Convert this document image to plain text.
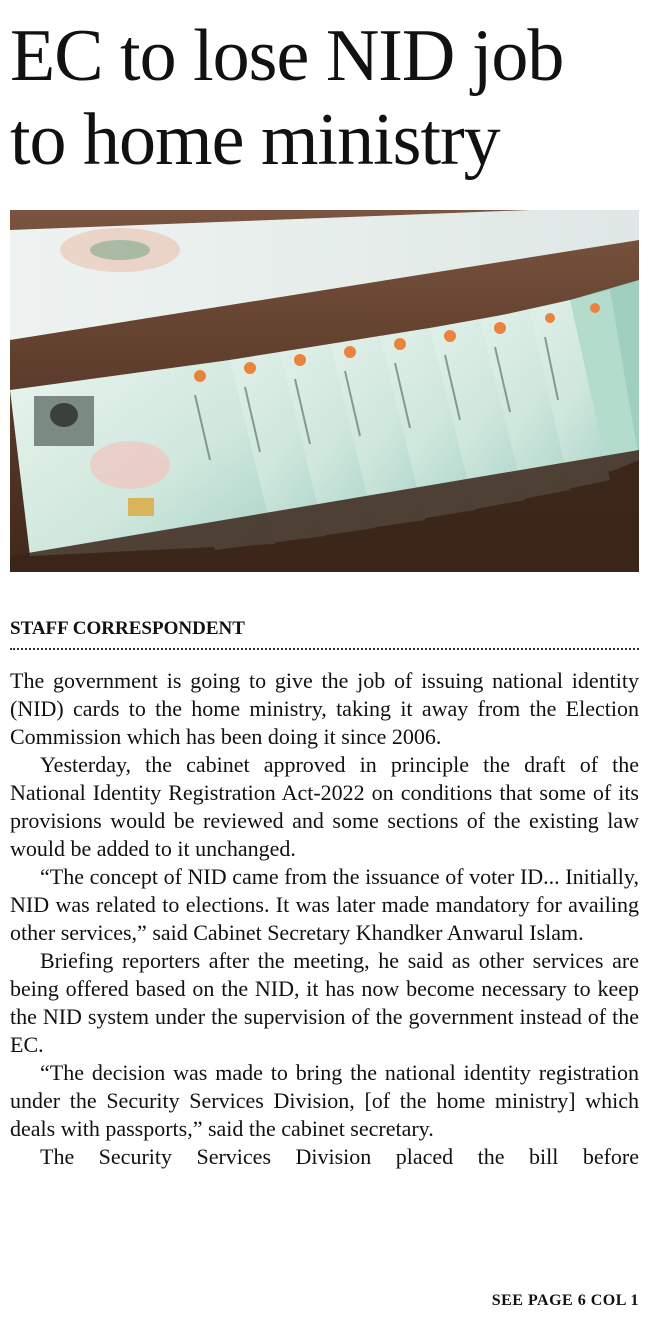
EC to lose NID job
to home ministry

STAFF CORRESPONDENT

The government is going to give the job of issuing national identity (NID) cards to the home ministry, taking it away from the Election Commission which has been doing it since 2006.

Yesterday, the cabinet approved in principle the draft of the National Identity Registration Act-2022 on conditions that some of its provisions would be reviewed and some sections of the existing law would be added to it unchanged.

“The concept of NID came from the issuance of voter ID... Initially, NID was related to elections. It was later made mandatory for availing other services,” said Cabinet Secretary Khandker Anwarul Islam.

Briefing reporters after the meeting, he said as other services are being offered based on the NID, it has now become necessary to keep the NID system under the supervision of the government instead of the EC.

“The decision was made to bring the national identity registration under the Security Services Division, [of the home ministry] which deals with passports,” said the cabinet secretary.

The Security Services Division placed the bill before

SEE PAGE 6 COL 1
